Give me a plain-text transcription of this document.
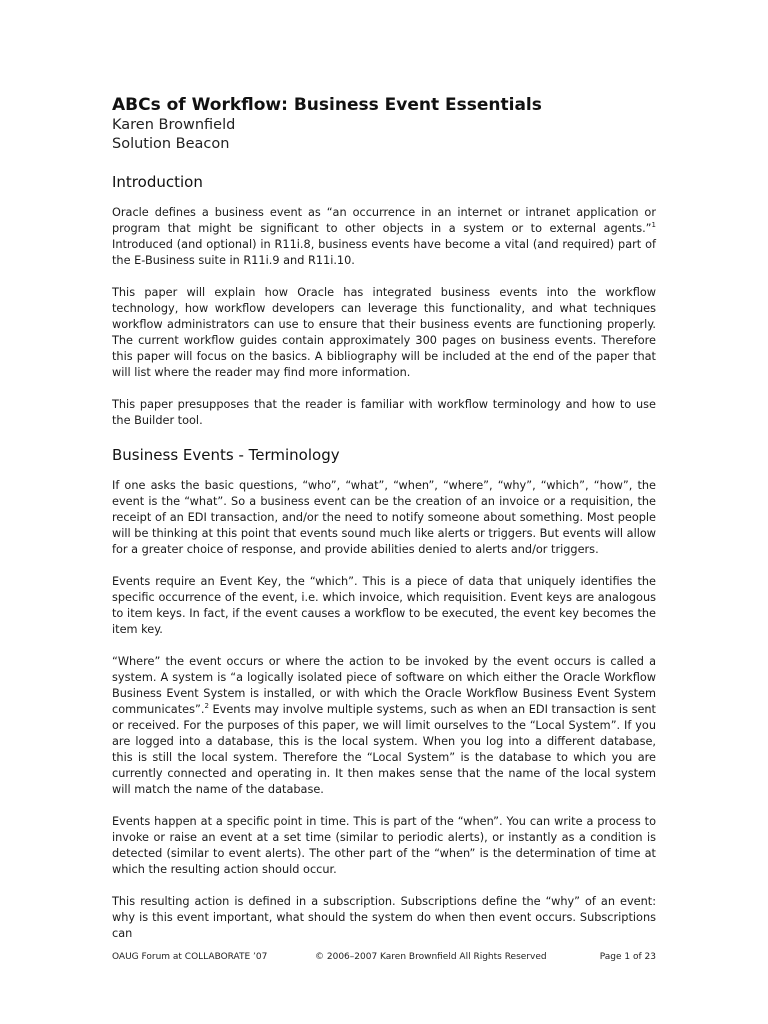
ABCs of Workflow: Business Event Essentials
Karen Brownfield
Solution Beacon
Introduction

Oracle defines a business event as “an occurrence in an internet or intranet application or program that might be significant to other objects in a system or to external agents.”$^1$ Introduced (and optional) in R11i.8, business events have become a vital (and required) part of the E-Business suite in R11i.9 and R11i.10.

This paper will explain how Oracle has integrated business events into the workflow technology, how workflow developers can leverage this functionality, and what techniques workflow administrators can use to ensure that their business events are functioning properly. The current workflow guides contain approximately 300 pages on business events. Therefore this paper will focus on the basics. A bibliography will be included at the end of the paper that will list where the reader may find more information.

This paper presupposes that the reader is familiar with workflow terminology and how to use the Builder tool.

Business Events - Terminology

If one asks the basic questions, “who”, “what”, “when”, “where”, “why”, “which”, “how”, the event is the “what”. So a business event can be the creation of an invoice or a requisition, the receipt of an EDI transaction, and/or the need to notify someone about something. Most people will be thinking at this point that events sound much like alerts or triggers. But events will allow for a greater choice of response, and provide abilities denied to alerts and/or triggers.

Events require an Event Key, the “which”. This is a piece of data that uniquely identifies the specific occurrence of the event, i.e. which invoice, which requisition. Event keys are analogous to item keys. In fact, if the event causes a workflow to be executed, the event key becomes the item key.

“Where” the event occurs or where the action to be invoked by the event occurs is called a system. A system is “a logically isolated piece of software on which either the Oracle Workflow Business Event System is installed, or with which the Oracle Workflow Business Event System communicates”.$^2$ Events may involve multiple systems, such as when an EDI transaction is sent or received. For the purposes of this paper, we will limit ourselves to the “Local System”. If you are logged into a database, this is the local system. When you log into a different database, this is still the local system. Therefore the “Local System” is the database to which you are currently connected and operating in. It then makes sense that the name of the local system will match the name of the database.

Events happen at a specific point in time. This is part of the “when”. You can write a process to invoke or raise an event at a set time (similar to periodic alerts), or instantly as a condition is detected (similar to event alerts). The other part of the “when” is the determination of time at which the resulting action should occur.

This resulting action is defined in a subscription. Subscriptions define the “why” of an event: why is this event important, what should the system do when then event occurs. Subscriptions can

OAUG Forum at COLLABORATE ’07	© 2006–2007 Karen Brownfield All Rights Reserved	Page 1 of 23
